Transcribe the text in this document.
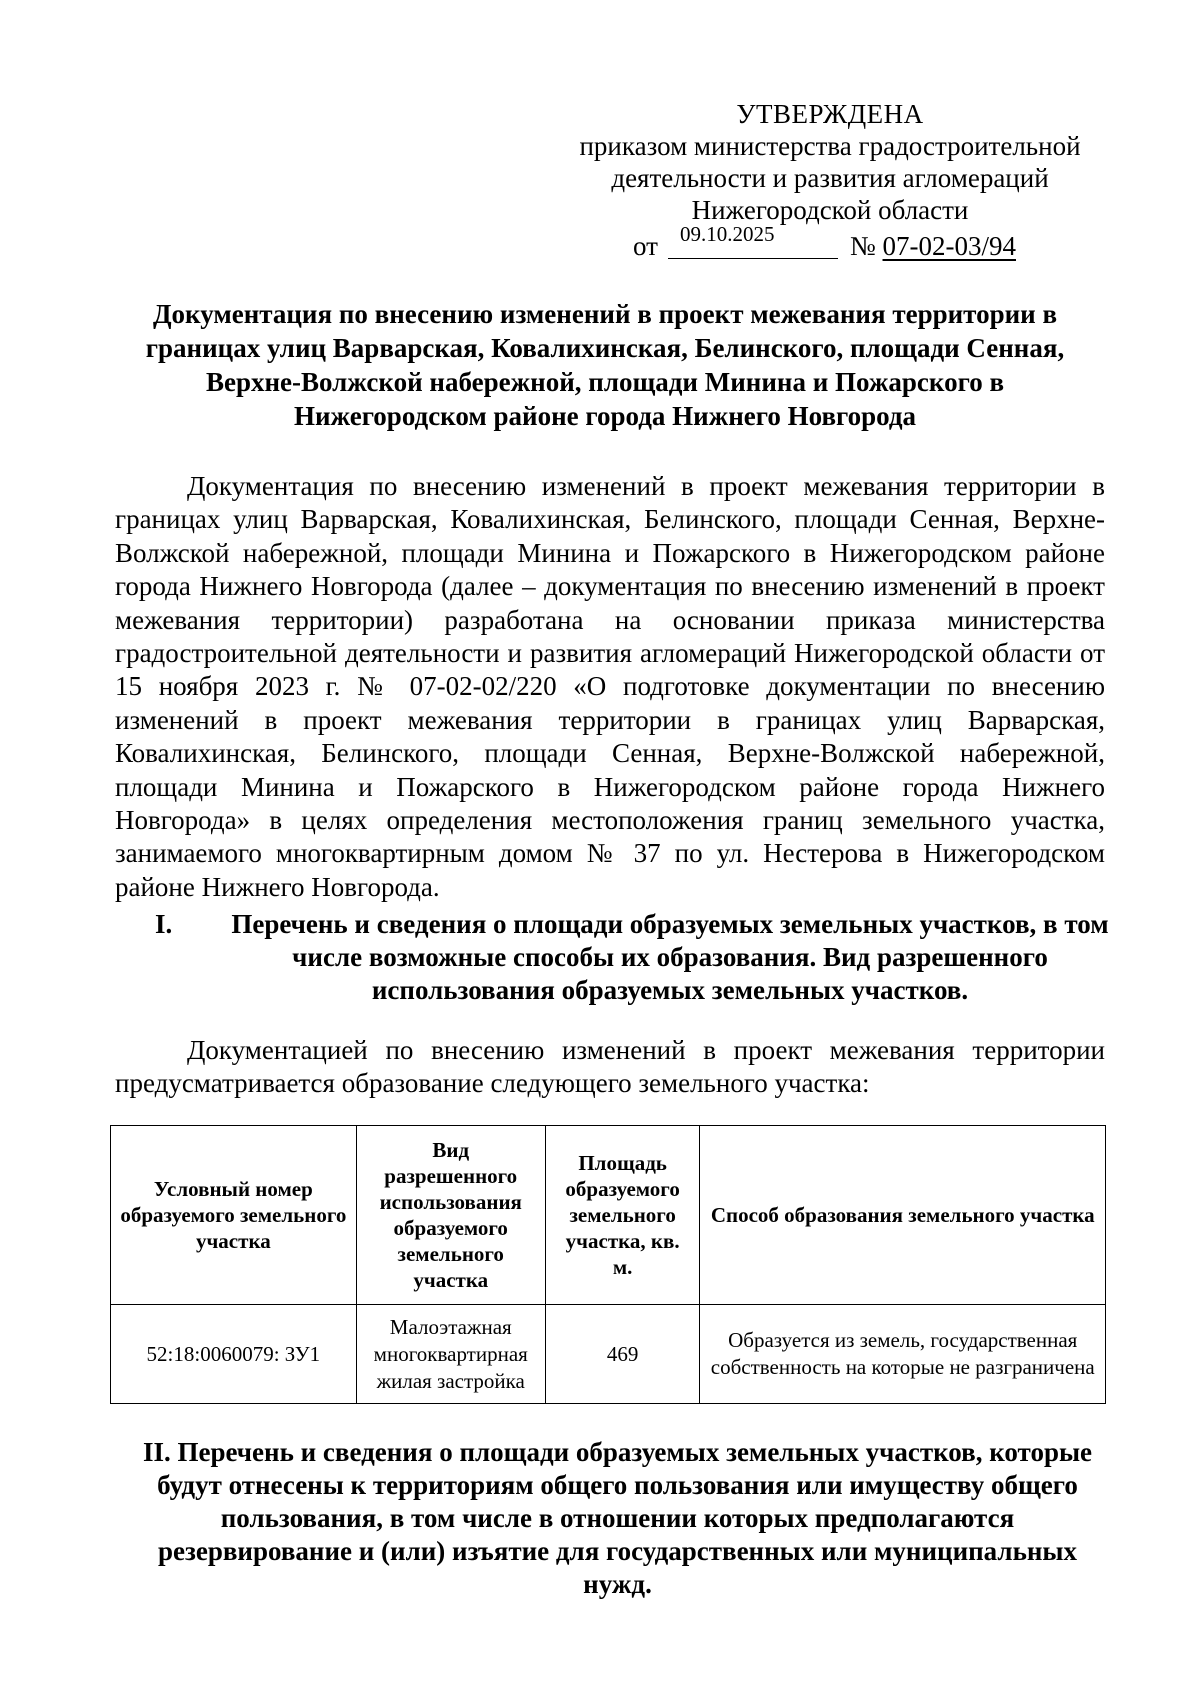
УТВЕРЖДЕНА
приказом министерства градостроительной
деятельности и развития агломераций
Нижегородской области
от 09.10.2025	№ 07-02-03/94
Документация по внесению изменений в проект межевания территории в границах улиц Варварская, Ковалихинская, Белинского, площади Сенная, Верхне-Волжской набережной, площади Минина и Пожарского в Нижегородском районе города Нижнего Новгорода

Документация по внесению изменений в проект межевания территории в границах улиц Варварская, Ковалихинская, Белинского, площади Сенная, Верхне-Волжской набережной, площади Минина и Пожарского в Нижегородском районе города Нижнего Новгорода (далее – документация по внесению изменений в проект межевания территории) разработана на основании приказа министерства градостроительной деятельности и развития агломераций Нижегородской области от 15 ноября 2023 г. № 07-02-02/220 «О подготовке документации по внесению изменений в проект межевания территории в границах улиц Варварская, Ковалихинская, Белинского, площади Сенная, Верхне-Волжской набережной, площади Минина и Пожарского в Нижегородском районе города Нижнего Новгорода» в целях определения местоположения границ земельного участка, занимаемого многоквартирным домом № 37 по ул. Нестерова в Нижегородском районе Нижнего Новгорода.

I.	Перечень и сведения о площади образуемых земельных участков, в том числе возможные способы их образования. Вид разрешенного использования образуемых земельных участков.

Документацией по внесению изменений в проект межевания территории предусматривается образование следующего земельного участка:

Условный номер образуемого земельного участка	Вид разрешенного использования образуемого земельного участка	Площадь образуемого земельного участка, кв. м.	Способ образования земельного участка
52:18:0060079: ЗУ1	Малоэтажная многоквартирная жилая застройка	469	Образуется из земель, государственная собственность на которые не разграничена
II. Перечень и сведения о площади образуемых земельных участков, которые будут отнесены к территориям общего пользования или имуществу общего пользования, в том числе в отношении которых предполагаются резервирование и (или) изъятие для государственных или муниципальных нужд.
